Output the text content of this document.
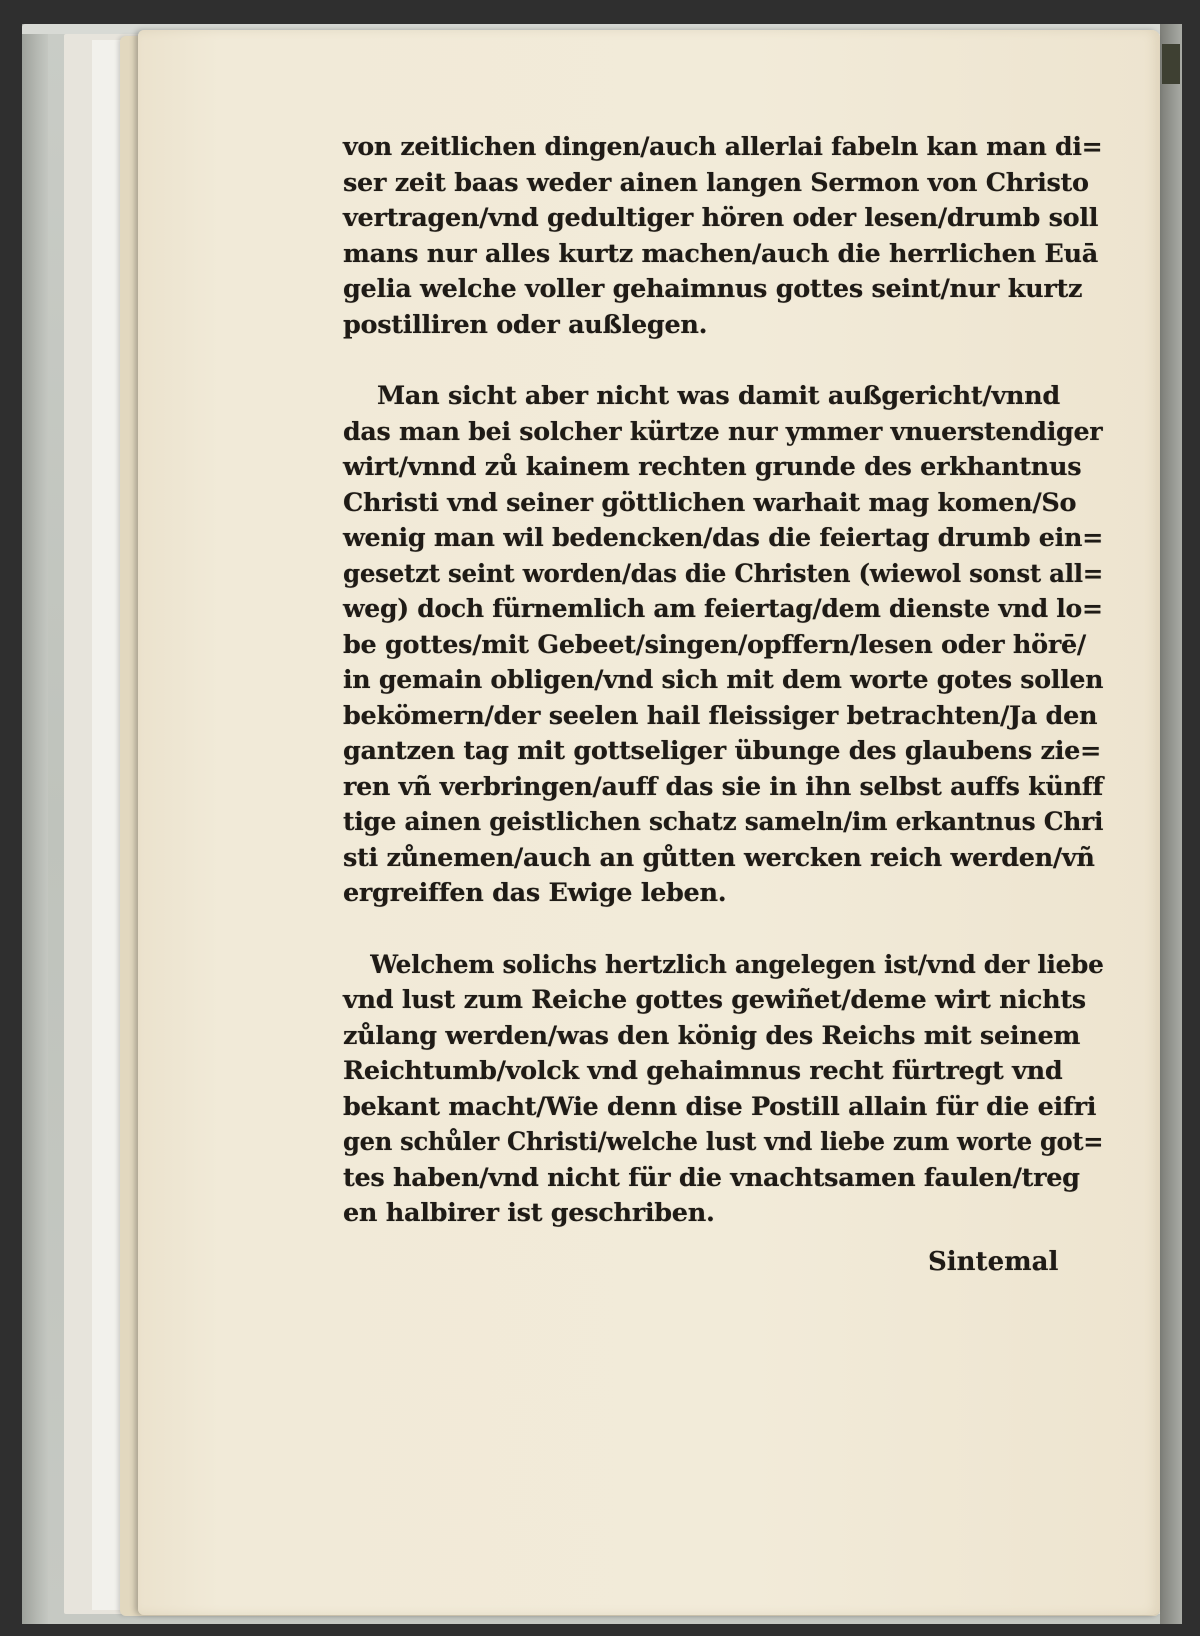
von zeitlichen dingen/auch allerlai fabeln kan man di=
ser zeit baas weder ainen langen Sermon von Christo
vertragen/vnd gedultiger hören oder lesen/drumb soll
mans nur alles kurtz machen/auch die herrlichen Euā
gelia welche voller gehaimnus gottes seint/nur kurtz
postilliren oder außlegen.
Man sicht aber nicht was damit außgericht/vnnd
das man bei solcher kürtze nur ymmer vnuerstendiger
wirt/vnnd zů kainem rechten grunde des erkhantnus
Christi vnd seiner göttlichen warhait mag komen/So
wenig man wil bedencken/das die feiertag drumb ein=
gesetzt seint worden/das die Christen (wiewol sonst all=
weg) doch fürnemlich am feiertag/dem dienste vnd lo=
be gottes/mit Gebeet/singen/opffern/lesen oder hörē/
in gemain obligen/vnd sich mit dem worte gotes sollen
bekömern/der seelen hail fleissiger betrachten/Ja den
gantzen tag mit gottseliger übunge des glaubens zie=
ren vñ verbringen/auff das sie in ihn selbst auffs künff
tige ainen geistlichen schatz sameln/im erkantnus Chri
sti zůnemen/auch an gůtten wercken reich werden/vñ
ergreiffen das Ewige leben.
Welchem solichs hertzlich angelegen ist/vnd der liebe
vnd lust zum Reiche gottes gewiñet/deme wirt nichts
zůlang werden/was den könig des Reichs mit seinem
Reichtumb/volck vnd gehaimnus recht fürtregt vnd
bekant macht/Wie denn dise Postill allain für die eifri
gen schůler Christi/welche lust vnd liebe zum worte got=
tes haben/vnd nicht für die vnachtsamen faulen/treg
en halbirer ist geschriben.
Sintemal
